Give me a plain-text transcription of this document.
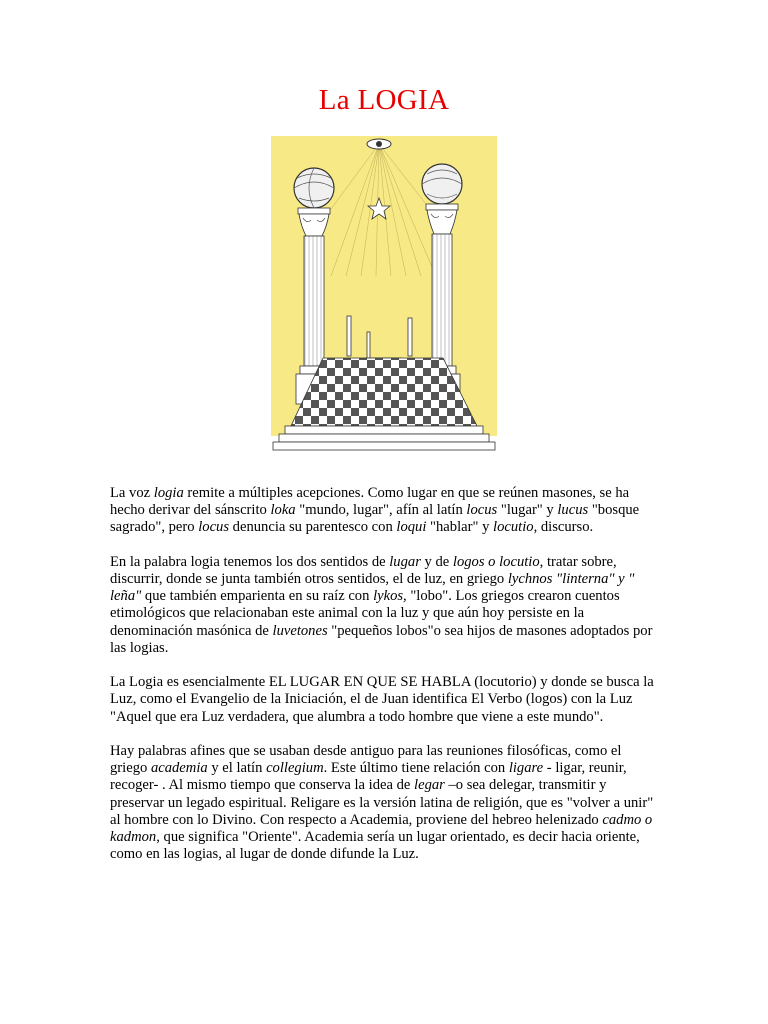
La LOGIA

La voz logia remite a múltiples acepciones. Como lugar en que se reúnen masones, se ha hecho derivar del sánscrito loka "mundo, lugar", afín al latín locus "lugar" y lucus "bosque sagrado", pero locus denuncia su parentesco con loqui "hablar" y locutio, discurso.

En la palabra logia tenemos los dos sentidos de lugar y de logos o locutio, tratar sobre, discurrir, donde se junta también otros sentidos, el de luz, en griego lychnos "linterna" y " leña" que también emparienta en su raíz con lykos, "lobo". Los griegos crearon cuentos etimológicos que relacionaban este animal con la luz y que aún hoy persiste en la denominación masónica de luvetones "pequeños lobos"o sea hijos de masones adoptados por las logias.

La Logia es esencialmente EL LUGAR EN QUE SE HABLA (locutorio) y donde se busca la Luz, como el Evangelio de la Iniciación, el de Juan identifica El Verbo (logos) con la Luz "Aquel que era Luz verdadera, que alumbra a todo hombre que viene a este mundo".

Hay palabras afines que se usaban desde antiguo para las reuniones filosóficas, como el griego academia y el latín collegium. Este último tiene relación con ligare - ligar, reunir, recoger- . Al mismo tiempo que conserva la idea de legar –o sea delegar, transmitir y preservar un legado espiritual. Religare es la versión latina de religión, que es "volver a unir" al hombre con lo Divino. Con respecto a Academia, proviene del hebreo helenizado cadmo o kadmon, que significa "Oriente". Academia sería un lugar orientado, es decir hacia oriente, como en las logias, al lugar de donde difunde la Luz.
